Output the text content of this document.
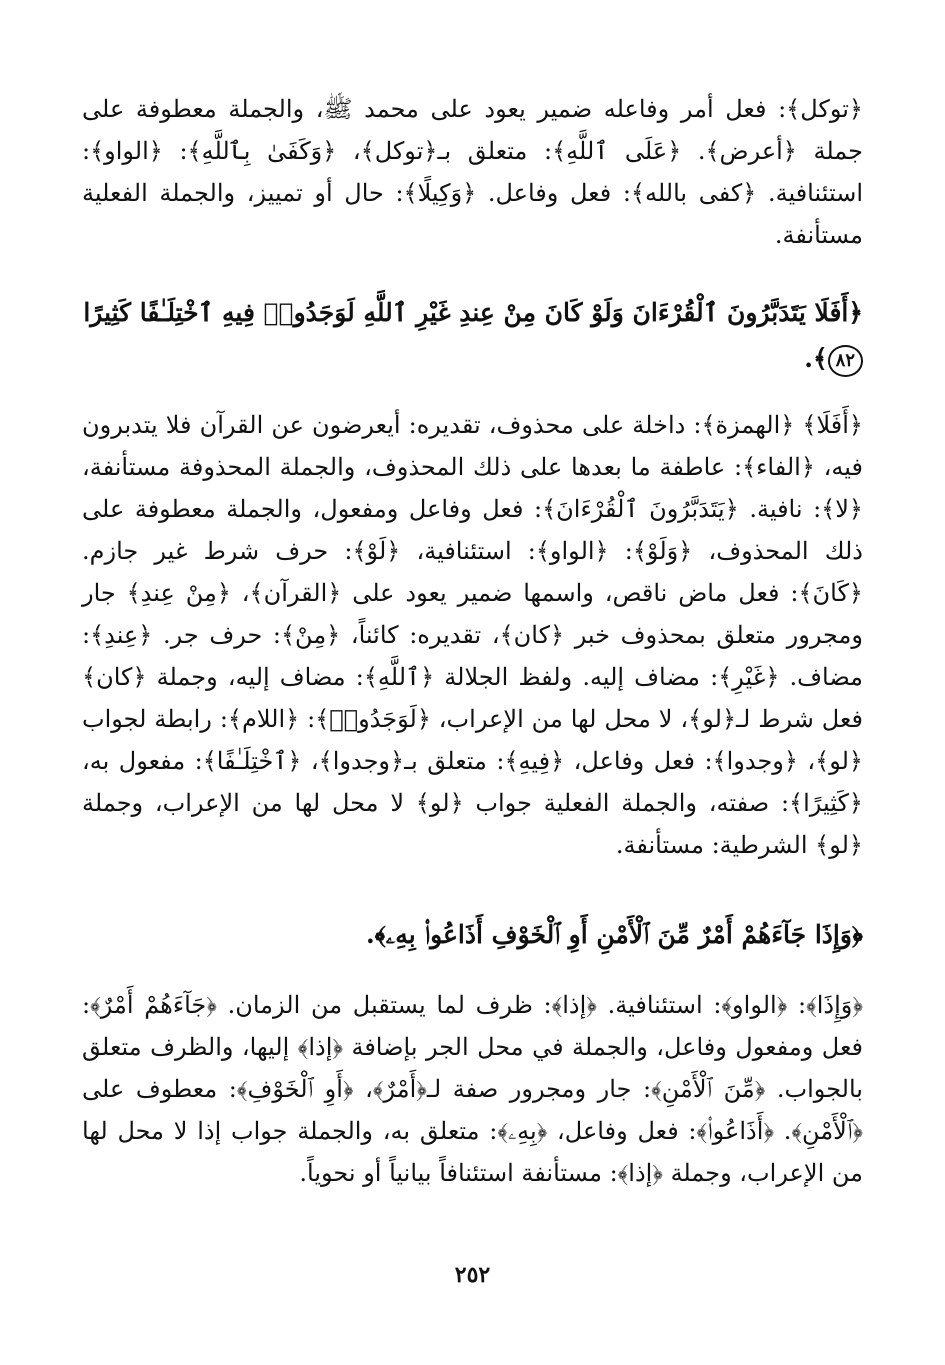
﴿توكل﴾: فعل أمر وفاعله ضمير يعود على محمد ﷺ، والجملة معطوفة على جملة ﴿أعرض﴾. ﴿عَلَى ٱللَّهِ﴾: متعلق بـ﴿توكل﴾، ﴿وَكَفَىٰ بِٱللَّهِ﴾: ﴿الواو﴾: استئنافية. ﴿كفى بالله﴾: فعل وفاعل. ﴿وَكِيلًا﴾: حال أو تمييز، والجملة الفعلية مستأنفة.

﴿أَفَلَا يَتَدَبَّرُونَ ٱلْقُرْءَانَ وَلَوْ كَانَ مِنْ عِندِ غَيْرِ ٱللَّهِ لَوَجَدُوا۟ فِيهِ ٱخْتِلَـٰفًا كَثِيرًا ٨٢﴾.

﴿أَفَلَا﴾ ﴿الهمزة﴾: داخلة على محذوف، تقديره: أيعرضون عن القرآن فلا يتدبرون فيه، ﴿الفاء﴾: عاطفة ما بعدها على ذلك المحذوف، والجملة المحذوفة مستأنفة، ﴿لا﴾: نافية. ﴿يَتَدَبَّرُونَ ٱلْقُرْءَانَ﴾: فعل وفاعل ومفعول، والجملة معطوفة على ذلك المحذوف، ﴿وَلَوْ﴾: ﴿الواو﴾: استئنافية، ﴿لَوْ﴾: حرف شرط غير جازم. ﴿كَانَ﴾: فعل ماض ناقص، واسمها ضمير يعود على ﴿القرآن﴾، ﴿مِنْ عِندِ﴾ جار ومجرور متعلق بمحذوف خبر ﴿كان﴾، تقديره: كائناً، ﴿مِنْ﴾: حرف جر. ﴿عِندِ﴾: مضاف. ﴿غَيْرِ﴾: مضاف إليه. ولفظ الجلالة ﴿ٱللَّهِ﴾: مضاف إليه، وجملة ﴿كان﴾ فعل شرط لـ﴿لو﴾، لا محل لها من الإعراب، ﴿لَوَجَدُوا۟﴾: ﴿اللام﴾: رابطة لجواب ﴿لو﴾، ﴿وجدوا﴾: فعل وفاعل، ﴿فِيهِ﴾: متعلق بـ﴿وجدوا﴾، ﴿ٱخْتِلَـٰفًا﴾: مفعول به، ﴿كَثِيرًا﴾: صفته، والجملة الفعلية جواب ﴿لو﴾ لا محل لها من الإعراب، وجملة ﴿لو﴾ الشرطية: مستأنفة.

﴿وَإِذَا جَآءَهُمْ أَمْرٌ مِّنَ ٱلْأَمْنِ أَوِ ٱلْخَوْفِ أَذَاعُوا۟ بِهِۦ﴾.

﴿وَإِذَا﴾: ﴿الواو﴾: استئنافية. ﴿إذا﴾: ظرف لما يستقبل من الزمان. ﴿جَآءَهُمْ أَمْرٌ﴾: فعل ومفعول وفاعل، والجملة في محل الجر بإضافة ﴿إذا﴾ إليها، والظرف متعلق بالجواب. ﴿مِّنَ ٱلْأَمْنِ﴾: جار ومجرور صفة لـ﴿أَمْرٌ﴾، ﴿أَوِ ٱلْخَوْفِ﴾: معطوف على ﴿ٱلْأَمْنِ﴾. ﴿أَذَاعُوا۟﴾: فعل وفاعل، ﴿بِهِۦ﴾: متعلق به، والجملة جواب إذا لا محل لها من الإعراب، وجملة ﴿إذا﴾: مستأنفة استئنافاً بيانياً أو نحوياً.

٢٥٢
